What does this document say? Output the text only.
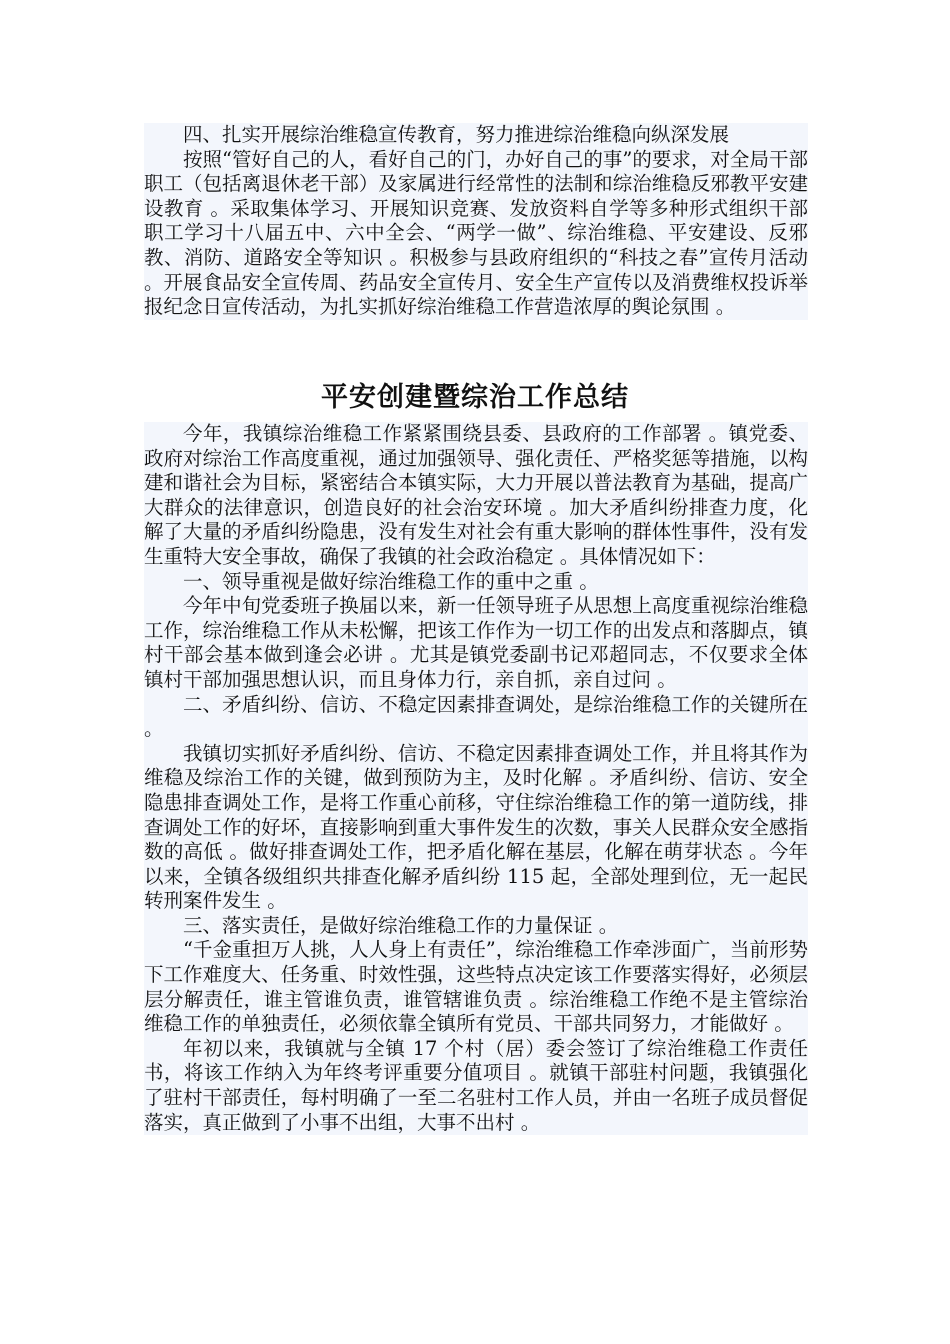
四、扎实开展综治维稳宣传教育，努力推进综治维稳向纵深发展

按照“管好自己的人，看好自己的门，办好自己的事”的要求，对全局干部职工（包括离退休老干部）及家属进行经常性的法制和综治维稳反邪教平安建设教育 。采取集体学习、开展知识竞赛、发放资料自学等多种形式组织干部职工学习十八届五中、六中全会、“两学一做”、综治维稳、平安建设、反邪教、消防、道路安全等知识 。积极参与县政府组织的“科技之春”宣传月活动 。开展食品安全宣传周、药品安全宣传月、安全生产宣传以及消费维权投诉举报纪念日宣传活动，为扎实抓好综治维稳工作营造浓厚的舆论氛围 。

平安创建暨综治工作总结

今年，我镇综治维稳工作紧紧围绕县委、县政府的工作部署 。镇党委、政府对综治工作高度重视，通过加强领导、强化责任、严格奖惩等措施，以构建和谐社会为目标，紧密结合本镇实际，大力开展以普法教育为基础，提高广大群众的法律意识，创造良好的社会治安环境 。加大矛盾纠纷排查力度，化解了大量的矛盾纠纷隐患，没有发生对社会有重大影响的群体性事件，没有发生重特大安全事故，确保了我镇的社会政治稳定 。具体情况如下：

一、领导重视是做好综治维稳工作的重中之重 。

今年中旬党委班子换届以来，新一任领导班子从思想上高度重视综治维稳工作，综治维稳工作从未松懈，把该工作作为一切工作的出发点和落脚点，镇村干部会基本做到逢会必讲 。尤其是镇党委副书记邓超同志，不仅要求全体镇村干部加强思想认识，而且身体力行，亲自抓，亲自过问 。

二、矛盾纠纷、信访、不稳定因素排查调处，是综治维稳工作的关键所在 。

我镇切实抓好矛盾纠纷、信访、不稳定因素排查调处工作，并且将其作为维稳及综治工作的关键，做到预防为主，及时化解 。矛盾纠纷、信访、安全隐患排查调处工作，是将工作重心前移，守住综治维稳工作的第一道防线，排查调处工作的好坏，直接影响到重大事件发生的次数，事关人民群众安全感指数的高低 。做好排查调处工作，把矛盾化解在基层，化解在萌芽状态 。今年以来，全镇各级组织共排查化解矛盾纠纷 115 起，全部处理到位，无一起民转刑案件发生 。

三、落实责任，是做好综治维稳工作的力量保证 。

“千金重担万人挑，人人身上有责任”，综治维稳工作牵涉面广，当前形势下工作难度大、任务重、时效性强，这些特点决定该工作要落实得好，必须层层分解责任，谁主管谁负责，谁管辖谁负责 。综治维稳工作绝不是主管综治维稳工作的单独责任，必须依靠全镇所有党员、干部共同努力，才能做好 。

年初以来，我镇就与全镇 17 个村（居）委会签订了综治维稳工作责任书，将该工作纳入为年终考评重要分值项目 。就镇干部驻村问题，我镇强化了驻村干部责任，每村明确了一至二名驻村工作人员，并由一名班子成员督促落实，真正做到了小事不出组，大事不出村 。
